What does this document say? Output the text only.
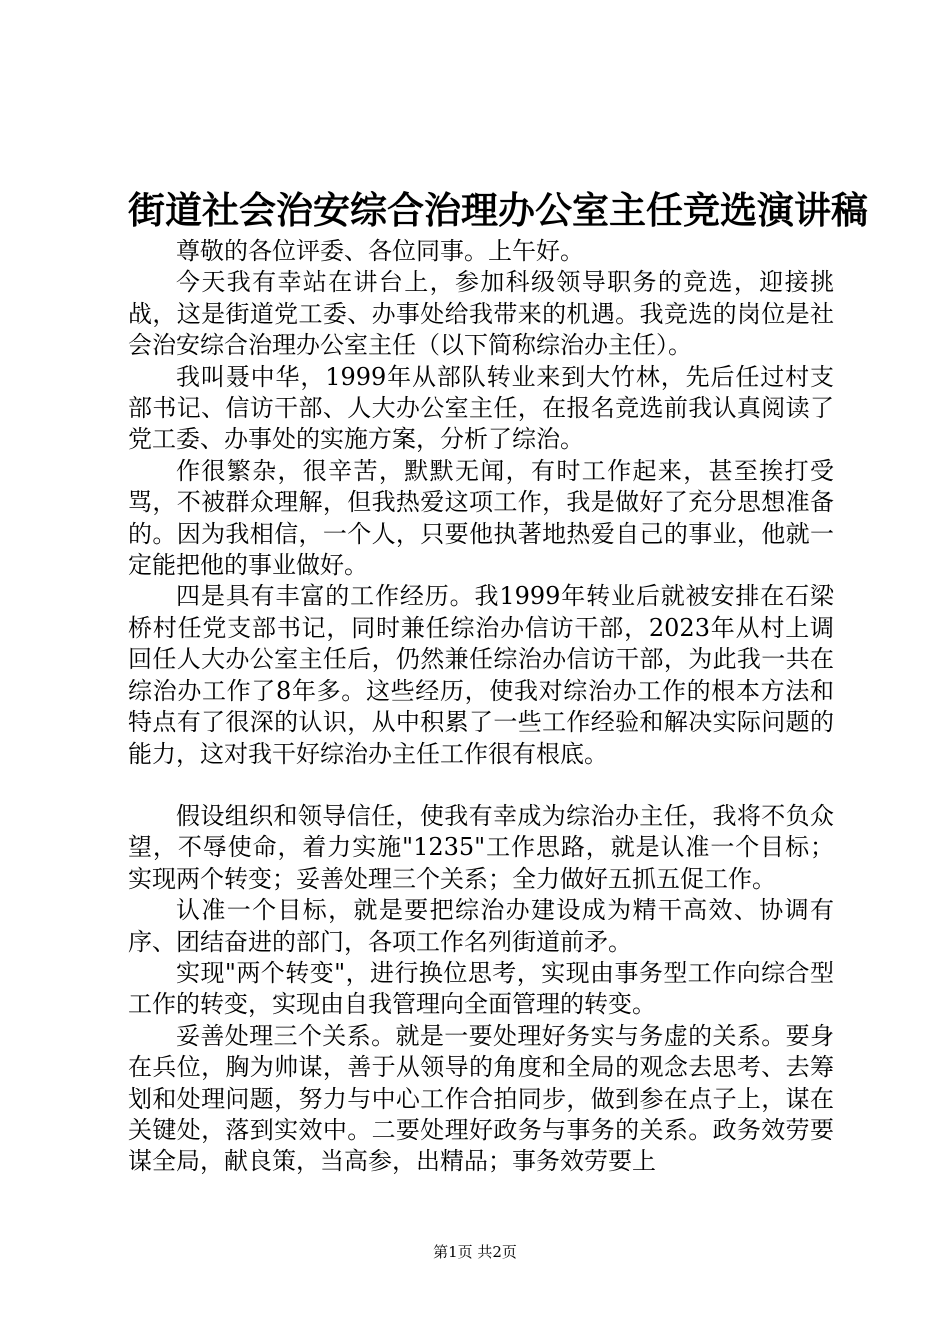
街道社会治安综合治理办公室主任竞选演讲稿

尊敬的各位评委、各位同事。上午好。

今天我有幸站在讲台上，参加科级领导职务的竞选，迎接挑战，这是街道党工委、办事处给我带来的机遇。我竞选的岗位是社会治安综合治理办公室主任（以下简称综治办主任）。

我叫聂中华，1999年从部队转业来到大竹林，先后任过村支部书记、信访干部、人大办公室主任，在报名竞选前我认真阅读了党工委、办事处的实施方案，分析了综治。

作很繁杂，很辛苦，默默无闻，有时工作起来，甚至挨打受骂，不被群众理解，但我热爱这项工作，我是做好了充分思想准备的。因为我相信，一个人，只要他执著地热爱自己的事业，他就一定能把他的事业做好。

四是具有丰富的工作经历。我1999年转业后就被安排在石梁桥村任党支部书记，同时兼任综治办信访干部，2023年从村上调回任人大办公室主任后，仍然兼任综治办信访干部，为此我一共在综治办工作了8年多。这些经历，使我对综治办工作的根本方法和特点有了很深的认识，从中积累了一些工作经验和解决实际问题的能力，这对我干好综治办主任工作很有根底。

假设组织和领导信任，使我有幸成为综治办主任，我将不负众望，不辱使命，着力实施"1235"工作思路，就是认准一个目标；实现两个转变；妥善处理三个关系；全力做好五抓五促工作。

认准一个目标，就是要把综治办建设成为精干高效、协调有序、团结奋进的部门，各项工作名列街道前矛。

实现"两个转变"，进行换位思考，实现由事务型工作向综合型工作的转变，实现由自我管理向全面管理的转变。

妥善处理三个关系。就是一要处理好务实与务虚的关系。要身在兵位，胸为帅谋，善于从领导的角度和全局的观念去思考、去筹划和处理问题，努力与中心工作合拍同步，做到参在点子上，谋在关键处，落到实效中。二要处理好政务与事务的关系。政务效劳要谋全局，献良策，当高参，出精品；事务效劳要上

第1页 共2页
